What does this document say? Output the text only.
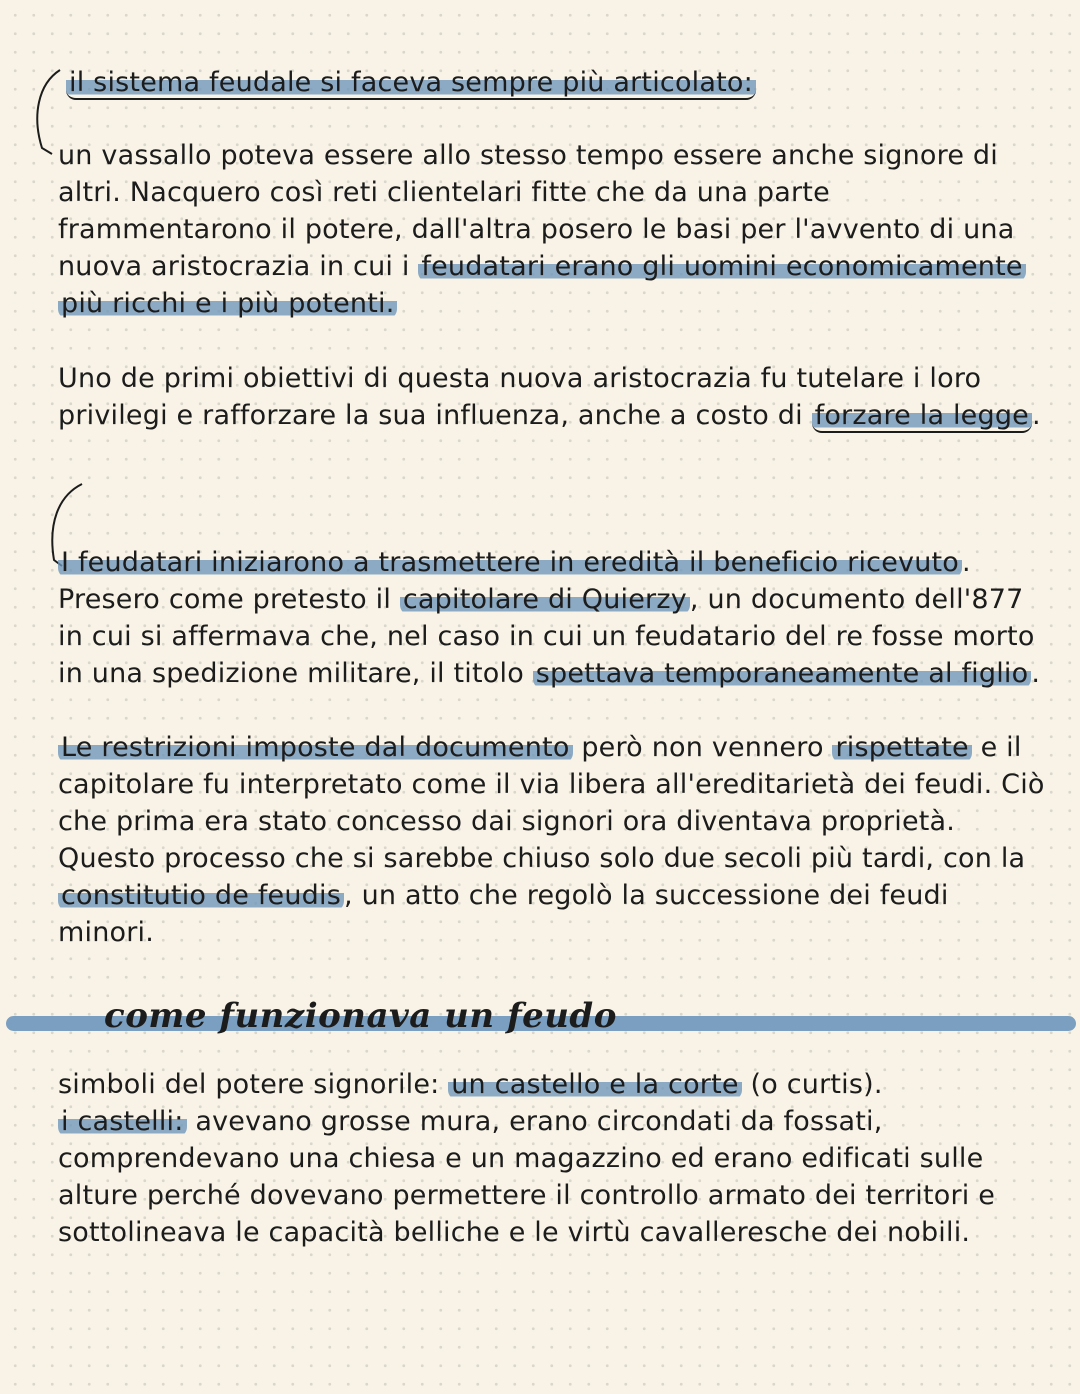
il sistema feudale si faceva sempre più articolato:

un vassallo poteva essere allo stesso tempo essere anche signore di altri. Nacquero così reti clientelari fitte che da una parte frammentarono il potere, dall'altra posero le basi per l'avvento di una nuova aristocrazia in cui i feudatari erano gli uomini economicamente più ricchi e i più potenti.

Uno de primi obiettivi di questa nuova aristocrazia fu tutelare i loro privilegi e rafforzare la sua influenza, anche a costo di forzare la legge .

I feudatari iniziarono a trasmettere in eredità il beneficio ricevuto . Presero come pretesto il capitolare di Quierzy , un documento dell'877 in cui si affermava che, nel caso in cui un feudatario del re fosse morto in una spedizione militare, il titolo spettava temporaneamente al figlio .

Le restrizioni imposte dal documento però non vennero rispettate e il capitolare fu interpretato come il via libera all'ereditarietà dei feudi. Ciò che prima era stato concesso dai signori ora diventava proprietà. Questo processo che si sarebbe chiuso solo due secoli più tardi, con la constitutio de feudis , un atto che regolò la successione dei feudi minori.

come funzionava un feudo

simboli del potere signorile: un castello e la corte (o curtis).

i castelli: avevano grosse mura, erano circondati da fossati, comprendevano una chiesa e un magazzino ed erano edificati sulle alture perché dovevano permettere il controllo armato dei territori e sottolineava le capacità belliche e le virtù cavalleresche dei nobili.
